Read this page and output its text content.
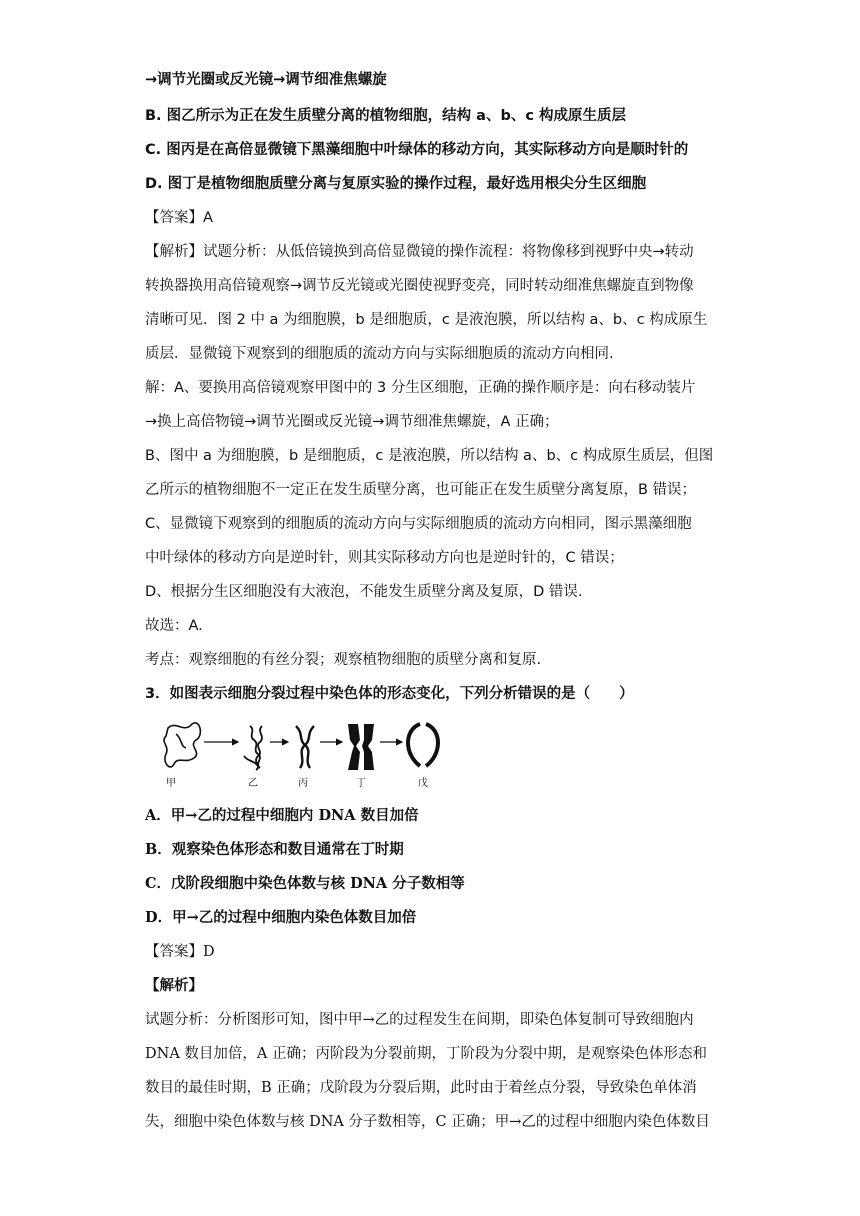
→调节光圈或反光镜→调节细准焦螺旋
B. 图乙所示为正在发生质壁分离的植物细胞，结构 a、b、c 构成原生质层
C. 图丙是在高倍显微镜下黑藻细胞中叶绿体的移动方向，其实际移动方向是顺时针的
D. 图丁是植物细胞质壁分离与复原实验的操作过程，最好选用根尖分生区细胞
【答案】A
【解析】试题分析：从低倍镜换到高倍显微镜的操作流程：将物像移到视野中央→转动
转换器换用高倍镜观察→调节反光镜或光圈使视野变亮，同时转动细准焦螺旋直到物像
清晰可见．图 2 中 a 为细胞膜，b 是细胞质，c 是液泡膜，所以结构 a、b、c 构成原生
质层．显微镜下观察到的细胞质的流动方向与实际细胞质的流动方向相同.
解：A、要换用高倍镜观察甲图中的 3 分生区细胞，正确的操作顺序是：向右移动装片
→换上高倍物镜→调节光圈或反光镜→调节细准焦螺旋，A 正确；
B、图中 a 为细胞膜，b 是细胞质，c 是液泡膜，所以结构 a、b、c 构成原生质层，但图
乙所示的植物细胞不一定正在发生质壁分离，也可能正在发生质壁分离复原，B 错误；
C、显微镜下观察到的细胞质的流动方向与实际细胞质的流动方向相同，图示黑藻细胞
中叶绿体的移动方向是逆时针，则其实际移动方向也是逆时针的，C 错误；
D、根据分生区细胞没有大液泡，不能发生质壁分离及复原，D 错误.
故选：A.
考点：观察细胞的有丝分裂；观察植物细胞的质壁分离和复原.
3．如图表示细胞分裂过程中染色体的形态变化，下列分析错误的是（　　）
甲	乙	丙	丁	戊
A．甲→乙的过程中细胞内 DNA 数目加倍
B．观察染色体形态和数目通常在丁时期
C．戊阶段细胞中染色体数与核 DNA 分子数相等
D．甲→乙的过程中细胞内染色体数目加倍
【答案】D
【解析】
试题分析：分析图形可知，图中甲→乙的过程发生在间期，即染色体复制可导致细胞内
DNA 数目加倍，A 正确；丙阶段为分裂前期，丁阶段为分裂中期，是观察染色体形态和
数目的最佳时期，B 正确；戊阶段为分裂后期，此时由于着丝点分裂，导致染色单体消
失，细胞中染色体数与核 DNA 分子数相等，C 正确；甲→乙的过程中细胞内染色体数目
